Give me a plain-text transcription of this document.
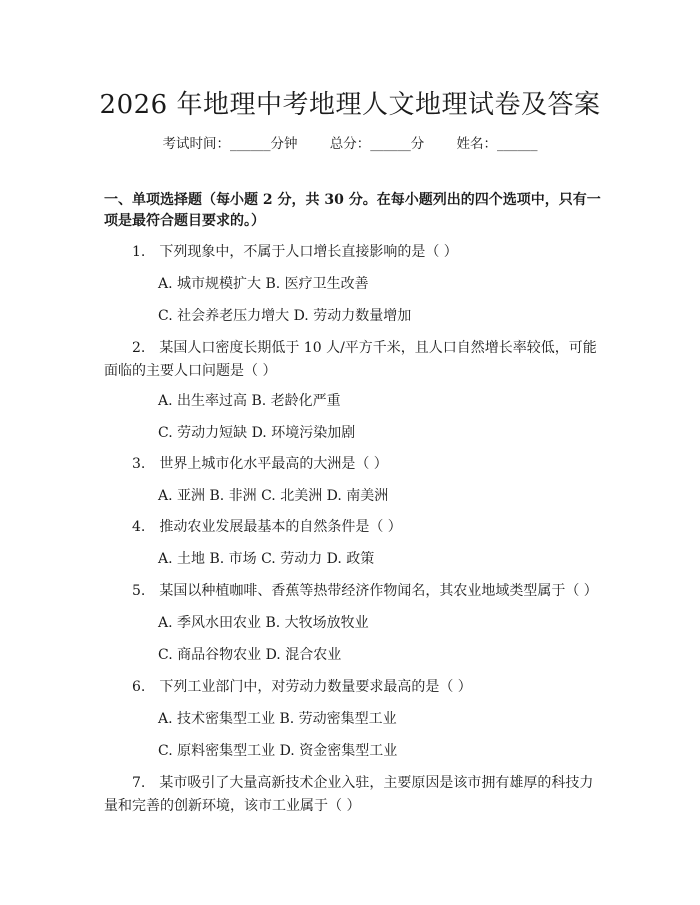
2026 年地理中考地理人文地理试卷及答案
考试时间：______分钟 总分：______分 姓名：______
一、单项选择题（每小题 2 分，共 30 分。在每小题列出的四个选项中，只有一项是最符合题目要求的。）
1.　下列现象中，不属于人口增长直接影响的是（ ）
A. 城市规模扩大 B. 医疗卫生改善
C. 社会养老压力增大 D. 劳动力数量增加
2.　某国人口密度长期低于 10 人/平方千米，且人口自然增长率较低，可能面临的主要人口问题是（ ）
A. 出生率过高 B. 老龄化严重
C. 劳动力短缺 D. 环境污染加剧
3.　世界上城市化水平最高的大洲是（ ）
A. 亚洲 B. 非洲 C. 北美洲 D. 南美洲
4.　推动农业发展最基本的自然条件是（ ）
A. 土地 B. 市场 C. 劳动力 D. 政策
5.　某国以种植咖啡、香蕉等热带经济作物闻名，其农业地域类型属于（ ）
A. 季风水田农业 B. 大牧场放牧业
C. 商品谷物农业 D. 混合农业
6.　下列工业部门中，对劳动力数量要求最高的是（ ）
A. 技术密集型工业 B. 劳动密集型工业
C. 原料密集型工业 D. 资金密集型工业
7.　某市吸引了大量高新技术企业入驻，主要原因是该市拥有雄厚的科技力量和完善的创新环境，该市工业属于（ ）
